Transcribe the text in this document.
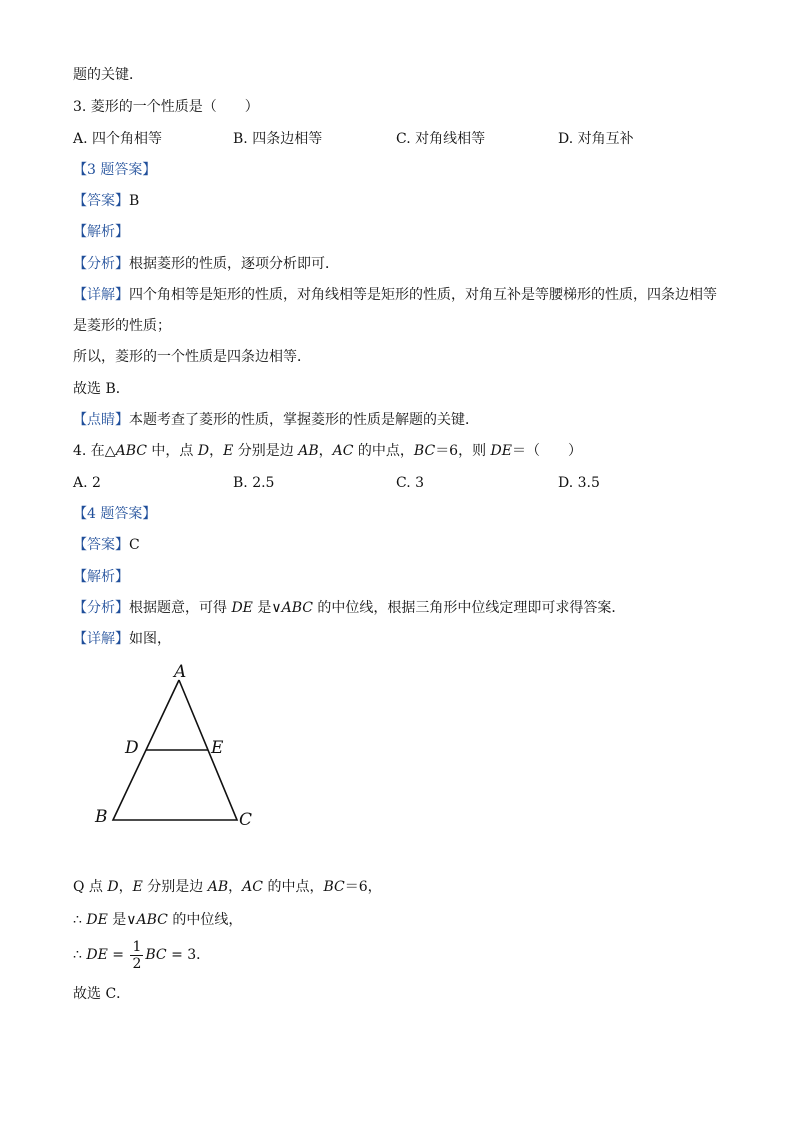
题的关键．
3. 菱形的一个性质是（　　）
A. 四个角相等	B. 四条边相等	C. 对角线相等	D. 对角互补
【3 题答案】
【答案】B
【解析】
【分析】根据菱形的性质，逐项分析即可．
【详解】四个角相等是矩形的性质，对角线相等是矩形的性质，对角互补是等腰梯形的性质，四条边相等
是菱形的性质；
所以，菱形的一个性质是四条边相等．
故选 B．
【点睛】本题考查了菱形的性质，掌握菱形的性质是解题的关键．
4. 在△ABC 中，点 D，E 分别是边 AB，AC 的中点，BC＝6，则 DE＝（　　）
A. 2	B. 2.5	C. 3	D. 3.5
【4 题答案】
【答案】C
【解析】
【分析】根据题意，可得 DE 是∨ABC 的中位线，根据三角形中位线定理即可求得答案．
【详解】如图，
A
D	E
B	C
Q 点 D，E 分别是边 AB，AC 的中点，BC＝6，
∴ DE 是∨ABC 的中位线，
∴ DE = $\frac{1}{2}$ BC = 3．
故选 C．
